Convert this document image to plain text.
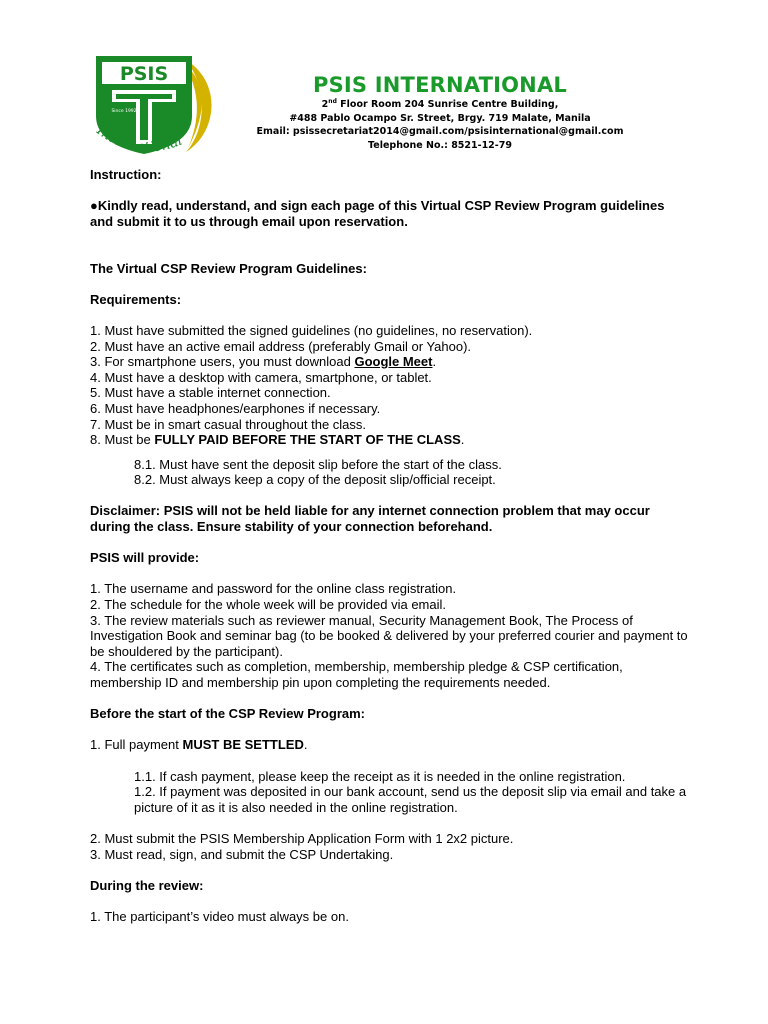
PSIS
Since 1992
International
PSIS INTERNATIONAL
2nd Floor Room 204 Sunrise Centre Building,
#488 Pablo Ocampo Sr. Street, Brgy. 719 Malate, Manila
Email: psissecretariat2014@gmail.com/psisinternational@gmail.com
Telephone No.: 8521-12-79

Instruction:

●Kindly read, understand, and sign each page of this Virtual CSP Review Program guidelines and submit it to us through email upon reservation.

The Virtual CSP Review Program Guidelines:

Requirements:

1. Must have submitted the signed guidelines (no guidelines, no reservation).

2. Must have an active email address (preferably Gmail or Yahoo).

3. For smartphone users, you must download Google Meet.

4. Must have a desktop with camera, smartphone, or tablet.

5. Must have a stable internet connection.

6. Must have headphones/earphones if necessary.

7. Must be in smart casual throughout the class.

8. Must be FULLY PAID BEFORE THE START OF THE CLASS.

8.1. Must have sent the deposit slip before the start of the class.

8.2. Must always keep a copy of the deposit slip/official receipt.

Disclaimer: PSIS will not be held liable for any internet connection problem that may occur during the class. Ensure stability of your connection beforehand.

PSIS will provide:

1. The username and password for the online class registration.

2. The schedule for the whole week will be provided via email.

3. The review materials such as reviewer manual, Security Management Book, The Process of Investigation Book and seminar bag (to be booked & delivered by your preferred courier and payment to be shouldered by the participant).

4. The certificates such as completion, membership, membership pledge & CSP certification, membership ID and membership pin upon completing the requirements needed.

Before the start of the CSP Review Program:

1. Full payment MUST BE SETTLED.

1.1. If cash payment, please keep the receipt as it is needed in the online registration.

1.2. If payment was deposited in our bank account, send us the deposit slip via email and take a picture of it as it is also needed in the online registration.

2. Must submit the PSIS Membership Application Form with 1 2x2 picture.

3. Must read, sign, and submit the CSP Undertaking.

During the review:

1. The participant’s video must always be on.
